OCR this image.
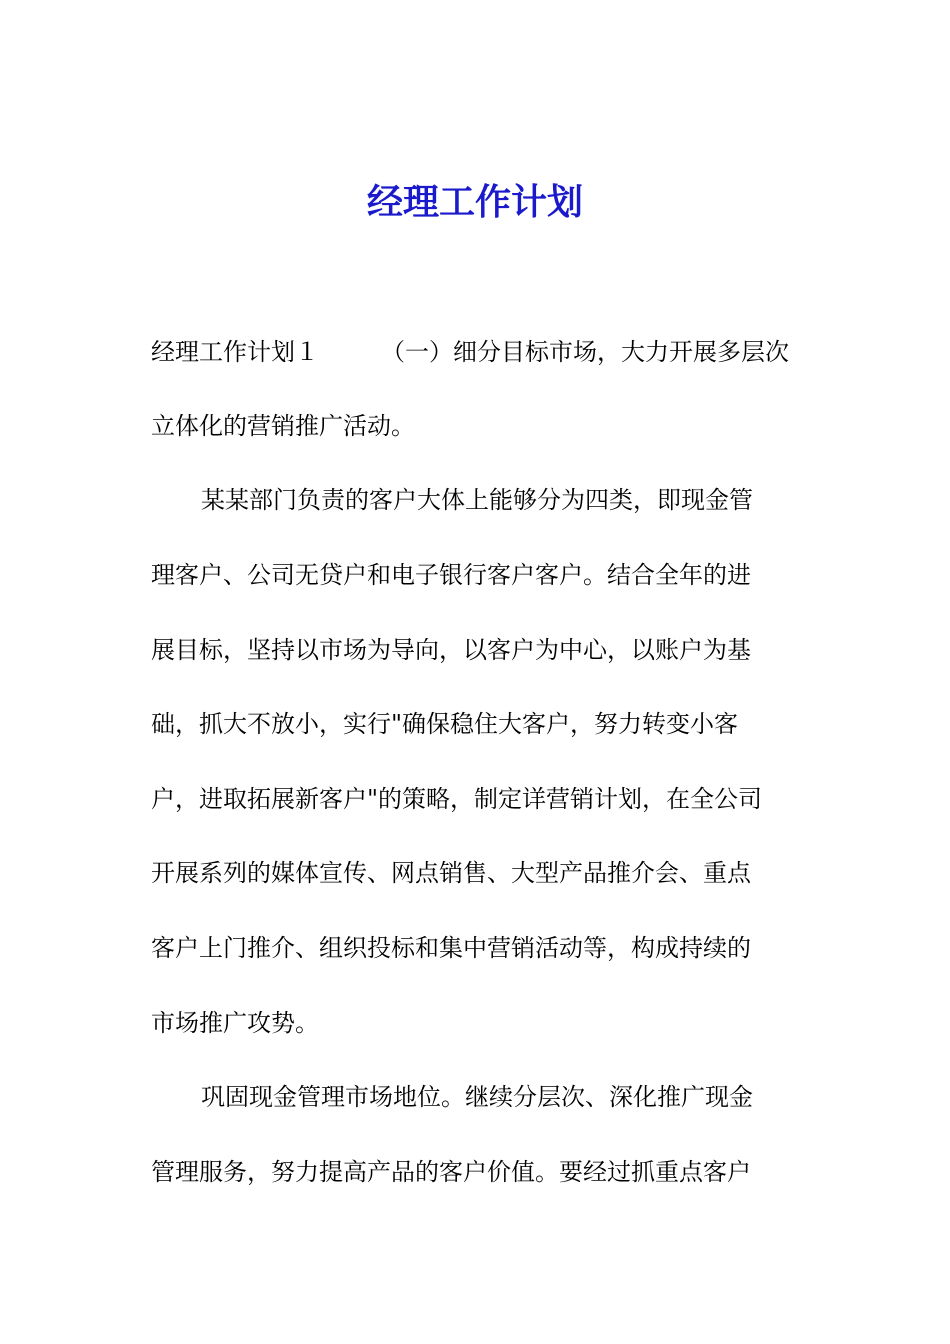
经理工作计划

经理工作计划１	（一）细分目标市场，大力开展多层次

立体化的营销推广活动。

某某部门负责的客户大体上能够分为四类，即现金管

理客户、公司无贷户和电子银行客户客户。结合全年的进

展目标，坚持以市场为导向，以客户为中心，以账户为基

础，抓大不放小，实行"确保稳住大客户，努力转变小客

户，进取拓展新客户"的策略，制定详营销计划，在全公司

开展系列的媒体宣传、网点销售、大型产品推介会、重点

客户上门推介、组织投标和集中营销活动等，构成持续的

市场推广攻势。

巩固现金管理市场地位。继续分层次、深化推广现金

管理服务，努力提高产品的客户价值。要经过抓重点客户
